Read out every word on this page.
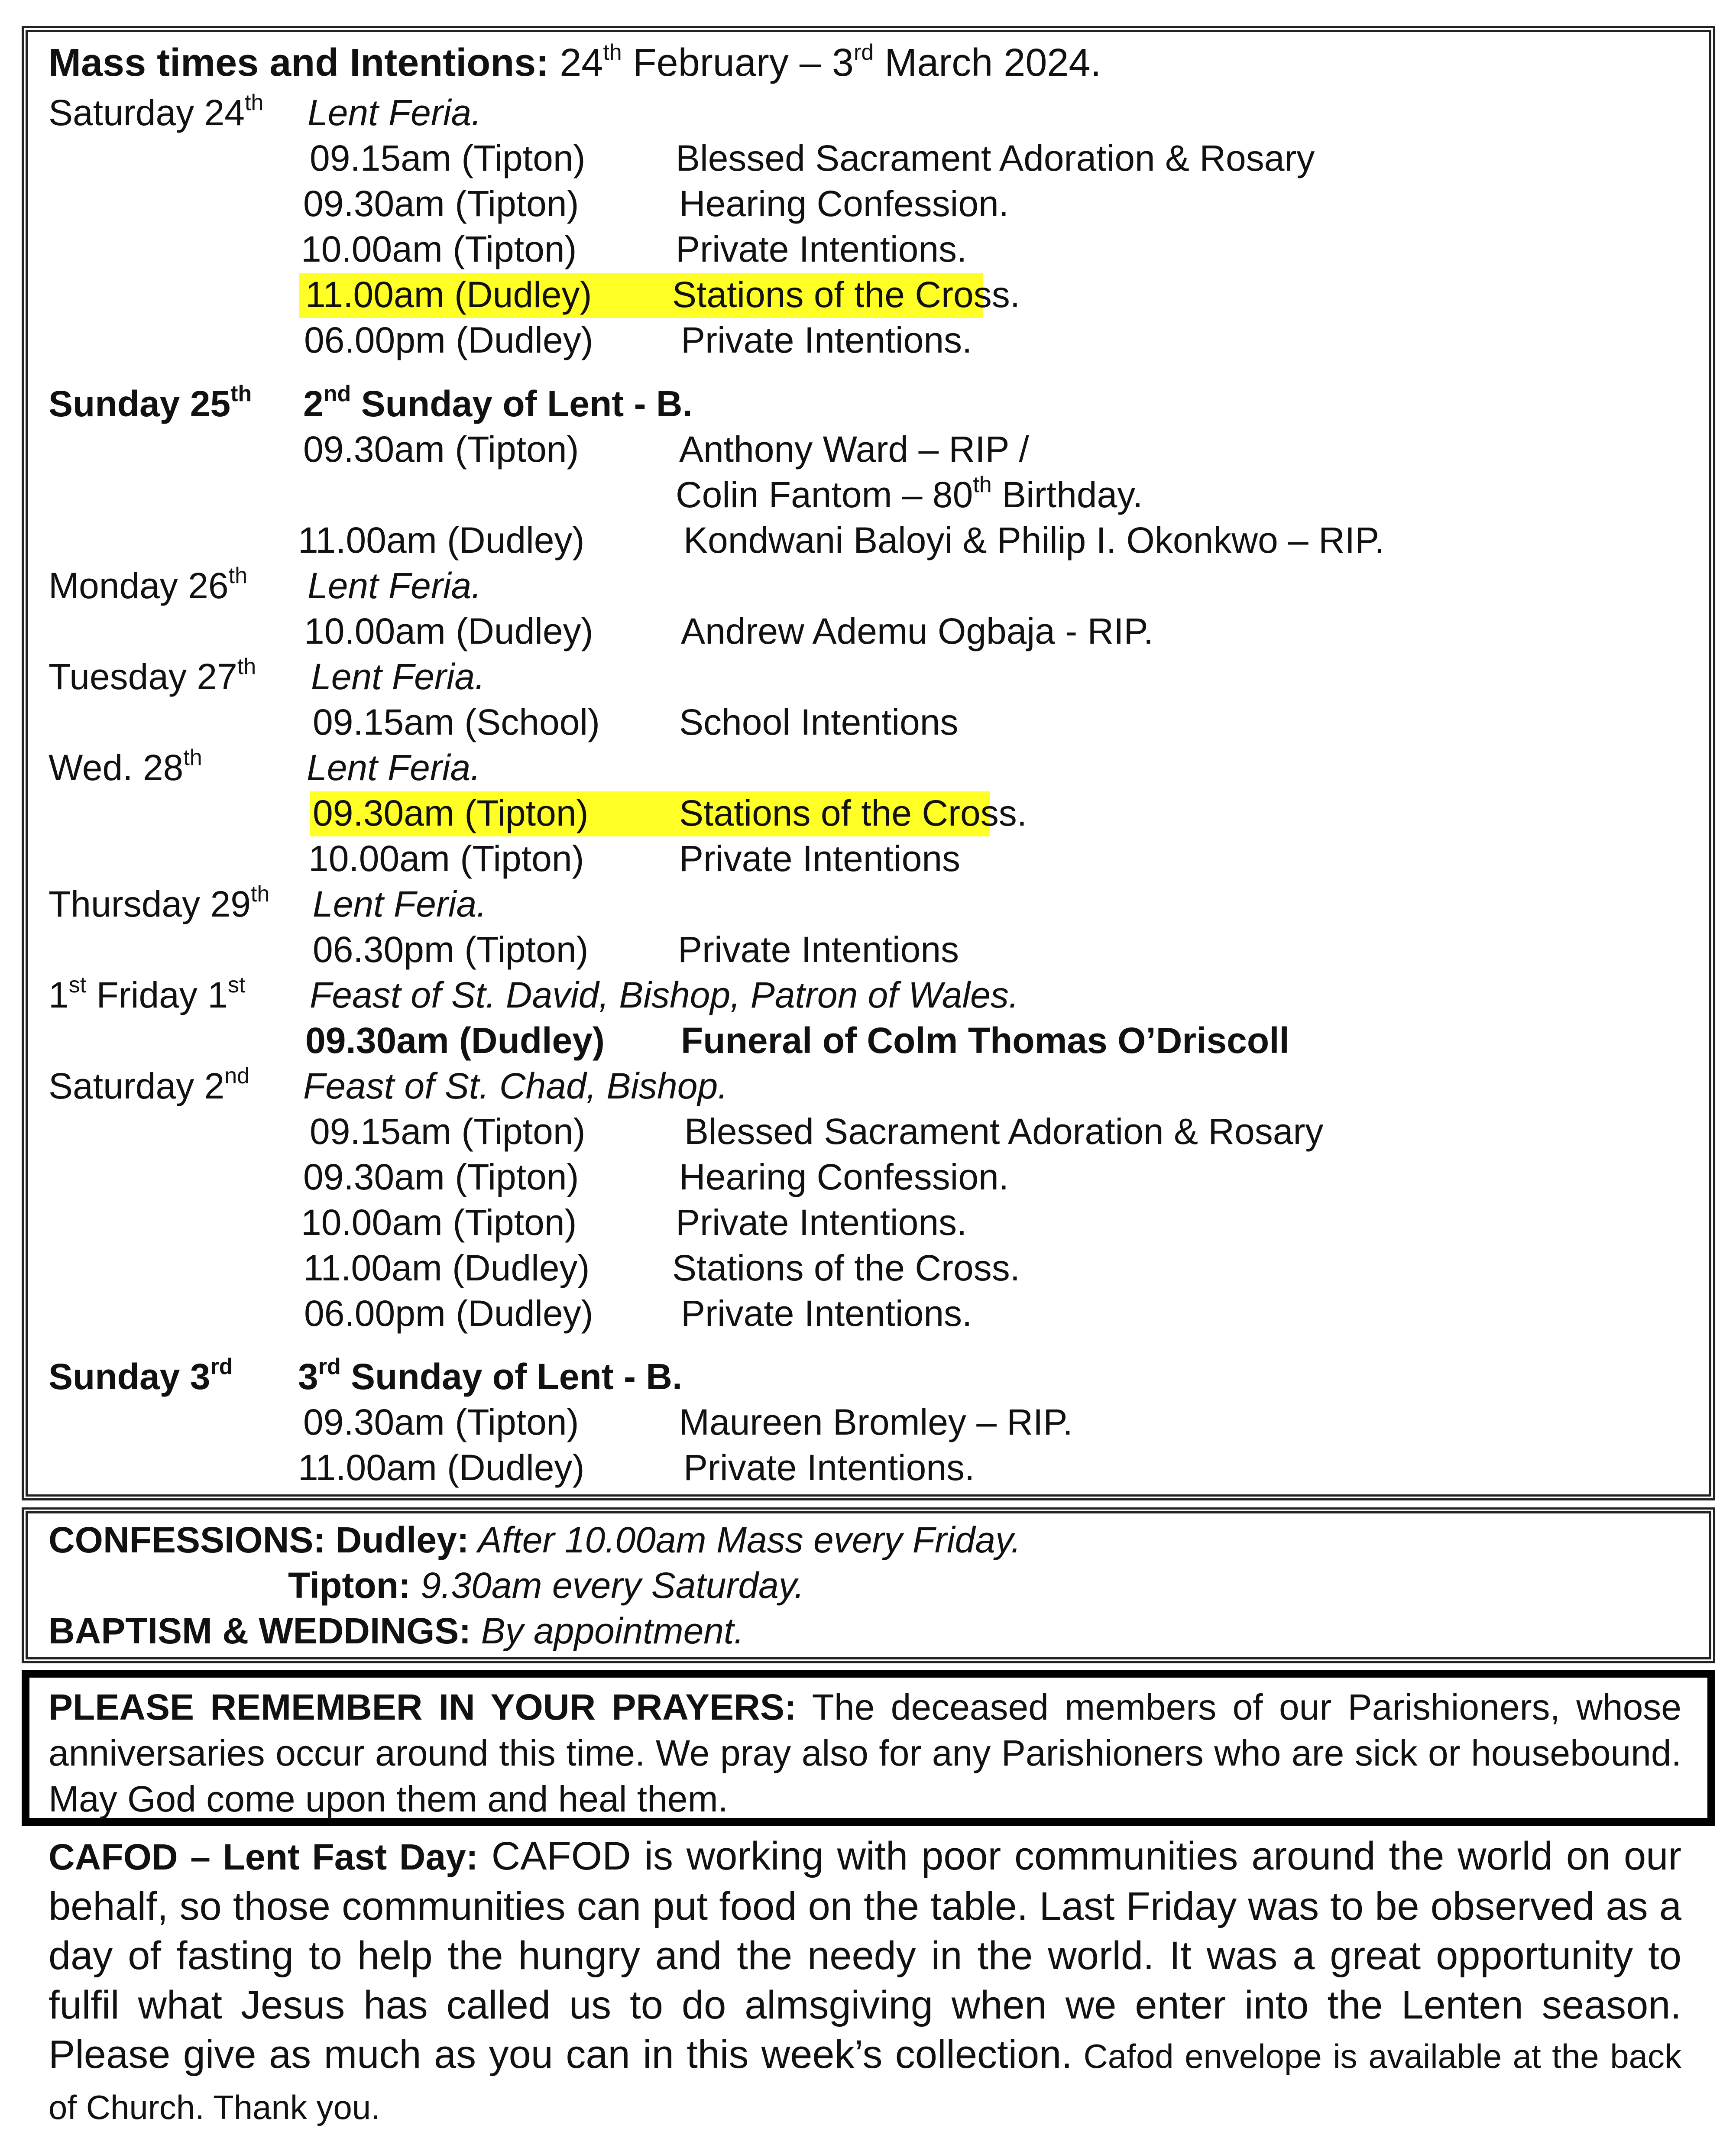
Mass times and Intentions: 24th February – 3rd March 2024.
Saturday 24th Lent Feria.
09.15am (Tipton) Blessed Sacrament Adoration & Rosary
09.30am (Tipton)	Hearing Confession.
10.00am (Tipton)	Private Intentions.
11.00am (Dudley) Stations of the Cross.
06.00pm (Dudley) Private Intentions.
Sunday 25th 2nd Sunday of Lent - B.
09.30am (Tipton)	Anthony Ward – RIP /
Colin Fantom – 80th Birthday.
11.00am (Dudley)	Kondwani Baloyi & Philip I. Okonkwo – RIP.
Monday 26th Lent Feria.
10.00am (Dudley) Andrew Ademu Ogbaja - RIP.
Tuesday 27th Lent Feria.
09.15am (School) School Intentions
Wed. 28th	Lent Feria.
09.30am (Tipton) Stations of the Cross.
10.00am (Tipton)	Private Intentions
Thursday 29th Lent Feria.
06.30pm (Tipton) Private Intentions
1st Friday 1st Feast of St. David, Bishop, Patron of Wales.
09.30am (Dudley) Funeral of Colm Thomas O’Driscoll
Saturday 2nd Feast of St. Chad, Bishop.
09.15am (Tipton)	Blessed Sacrament Adoration & Rosary
09.30am (Tipton)	Hearing Confession.
10.00am (Tipton)	Private Intentions.
11.00am (Dudley) Stations of the Cross.
06.00pm (Dudley) Private Intentions.
Sunday 3rd 3rd Sunday of Lent - B.
09.30am (Tipton)	Maureen Bromley – RIP.
11.00am (Dudley)	Private Intentions.
CONFESSIONS: Dudley: After 10.00am Mass every Friday.
Tipton: 9.30am every Saturday.
BAPTISM & WEDDINGS: By appointment.
PLEASE REMEMBER IN YOUR PRAYERS: The deceased members of our Parishioners, whose anniversaries occur around this time. We pray also for any Parishioners who are sick or housebound. May God come upon them and heal them.
CAFOD – Lent Fast Day: CAFOD is working with poor communities around the world on our behalf, so those communities can put food on the table. Last Friday was to be observed as a day of fasting to help the hungry and the needy in the world. It was a great opportunity to fulfil what Jesus has called us to do almsgiving when we enter into the Lenten season. Please give as much as you can in this week’s collection. Cafod envelope is available at the back of Church. Thank you.
